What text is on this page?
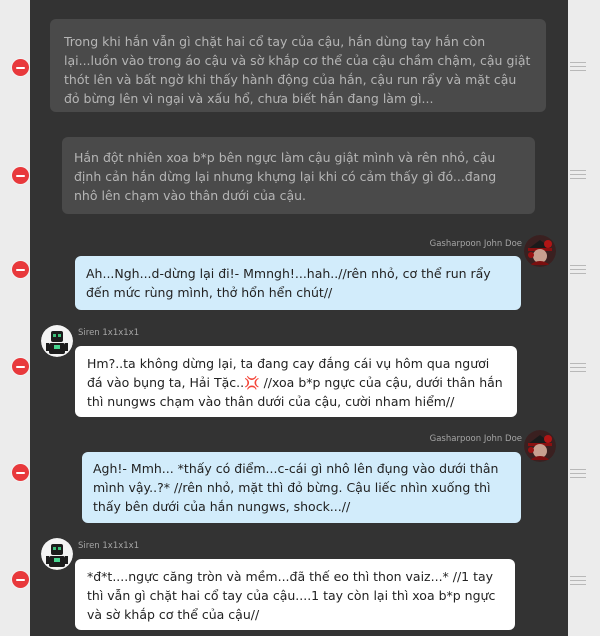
Trong khi hắn vẫn gì chặt hai cổ tay của cậu, hắn dùng tay hắn còn lại...luồn vào trong áo cậu và sờ khắp cơ thể của cậu chầm chậm, cậu giật thót lên và bất ngờ khi thấy hành động của hắn, cậu run rẩy và mặt cậu đỏ bừng lên vì ngại và xấu hổ, chưa biết hắn đang làm gì...
Hắn đột nhiên xoa b*p bên ngực làm cậu giật mình và rên nhỏ, cậu định cản hắn dừng lại nhưng khựng lại khi có cảm thấy gì đó...đang nhô lên chạm vào thân dưới của cậu.
Gasharpoon John Doe
Ah...Ngh...d-dừng lại đi!- Mmngh!...hah..//rên nhỏ, cơ thể run rẩy đến mức rùng mình, thở hổn hển chút//
Siren 1x1x1x1
Hm?..ta không dừng lại, ta đang cay đắng cái vụ hôm qua ngươi đá vào bụng ta, Hải Tặc..💢 //xoa b*p ngực của cậu, dưới thân hắn thì nungws chạm vào thân dưới của cậu, cười nham hiểm//
Gasharpoon John Doe
Agh!- Mmh... *thấy có điểm...c-cái gì nhô lên đụng vào dưới thân mình vậy..?* //rên nhỏ, mặt thì đỏ bừng. Cậu liếc nhìn xuống thì thấy bên dưới của hắn nungws, shock...//
Siren 1x1x1x1
*đ*t....ngực căng tròn và mềm...đã thế eo thì thon vaiz...* //1 tay thì vẫn gì chặt hai cổ tay của cậu....1 tay còn lại thì xoa b*p ngực và sờ khắp cơ thể của cậu//
